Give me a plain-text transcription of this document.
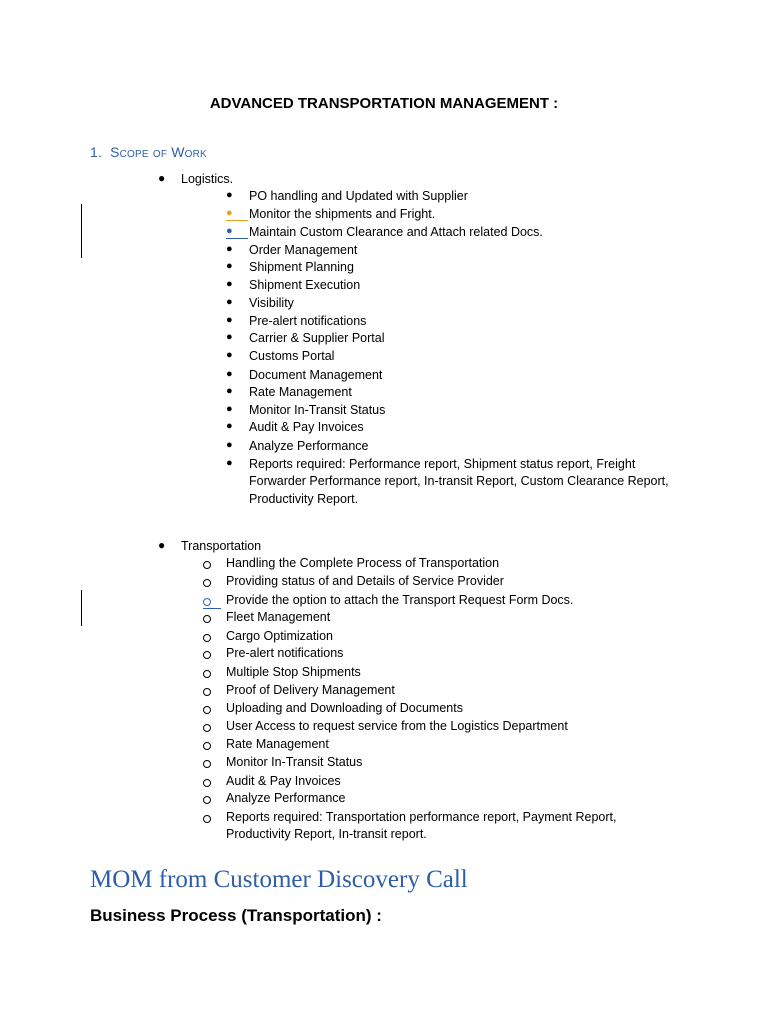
ADVANCED TRANSPORTATION MANAGEMENT :
1. Scope of Work
● Logistics.
● PO handling and Updated with Supplier
● Monitor the shipments and Fright.
● Maintain Custom Clearance and Attach related Docs.
● Order Management
● Shipment Planning
● Shipment Execution
● Visibility
● Pre-alert notifications
● Carrier & Supplier Portal
● Customs Portal
● Document Management
● Rate Management
● Monitor In-Transit Status
● Audit & Pay Invoices
● Analyze Performance
● Reports required: Performance report, Shipment status report, Freight
Forwarder Performance report, In-transit Report, Custom Clearance Report,
Productivity Report.
● Transportation
Handling the Complete Process of Transportation
Providing status of and Details of Service Provider
Provide the option to attach the Transport Request Form Docs.
Fleet Management
Cargo Optimization
Pre-alert notifications
Multiple Stop Shipments
Proof of Delivery Management
Uploading and Downloading of Documents
User Access to request service from the Logistics Department
Rate Management
Monitor In-Transit Status
Audit & Pay Invoices
Analyze Performance
Reports required: Transportation performance report, Payment Report,
Productivity Report, In-transit report.
MOM from Customer Discovery Call
Business Process (Transportation) :
